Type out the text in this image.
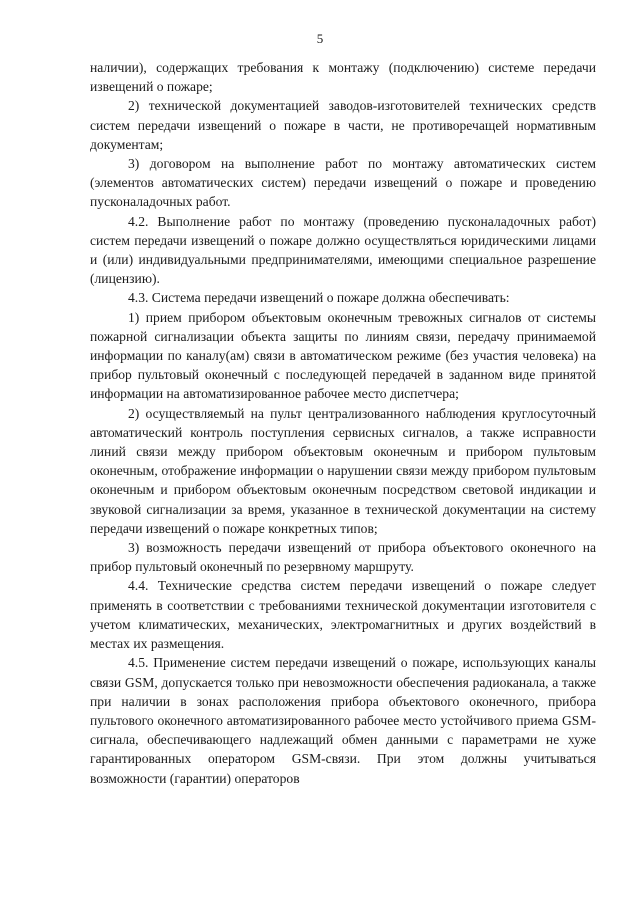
5

наличии), содержащих требования к монтажу (подключению) системе передачи извещений о пожаре;

2) технической документацией заводов-изготовителей технических средств систем передачи извещений о пожаре в части, не противоречащей нормативным документам;

3) договором на выполнение работ по монтажу автоматических систем (элементов автоматических систем) передачи извещений о пожаре и проведению пусконаладочных работ.

4.2. Выполнение работ по монтажу (проведению пусконаладочных работ) систем передачи извещений о пожаре должно осуществляться юридическими лицами и (или) индивидуальными предпринимателями, имеющими специальное разрешение (лицензию).

4.3. Система передачи извещений о пожаре должна обеспечивать:

1) прием прибором объектовым оконечным тревожных сигналов от системы пожарной сигнализации объекта защиты по линиям связи, передачу принимаемой информации по каналу(ам) связи в автоматическом режиме (без участия человека) на прибор пультовый оконечный с последующей передачей в заданном виде принятой информации на автоматизированное рабочее место диспетчера;

2) осуществляемый на пульт централизованного наблюдения круглосуточный автоматический контроль поступления сервисных сигналов, а также исправности линий связи между прибором объектовым оконечным и прибором пультовым оконечным, отображение информации о нарушении связи между прибором пультовым оконечным и прибором объектовым оконечным посредством световой индикации и звуковой сигнализации за время, указанное в технической документации на систему передачи извещений о пожаре конкретных типов;

3) возможность передачи извещений от прибора объектового оконечного на прибор пультовый оконечный по резервному маршруту.

4.4. Технические средства систем передачи извещений о пожаре следует применять в соответствии с требованиями технической документации изготовителя с учетом климатических, механических, электромагнитных и других воздействий в местах их размещения.

4.5. Применение систем передачи извещений о пожаре, использующих каналы связи GSM, допускается только при невозможности обеспечения радиоканала, а также при наличии в зонах расположения прибора объектового оконечного, прибора пультового оконечного автоматизированного рабочее место устойчивого приема GSM-сигнала, обеспечивающего надлежащий обмен данными с параметрами не хуже гарантированных оператором GSM-связи. При этом должны учитываться возможности (гарантии) операторов
